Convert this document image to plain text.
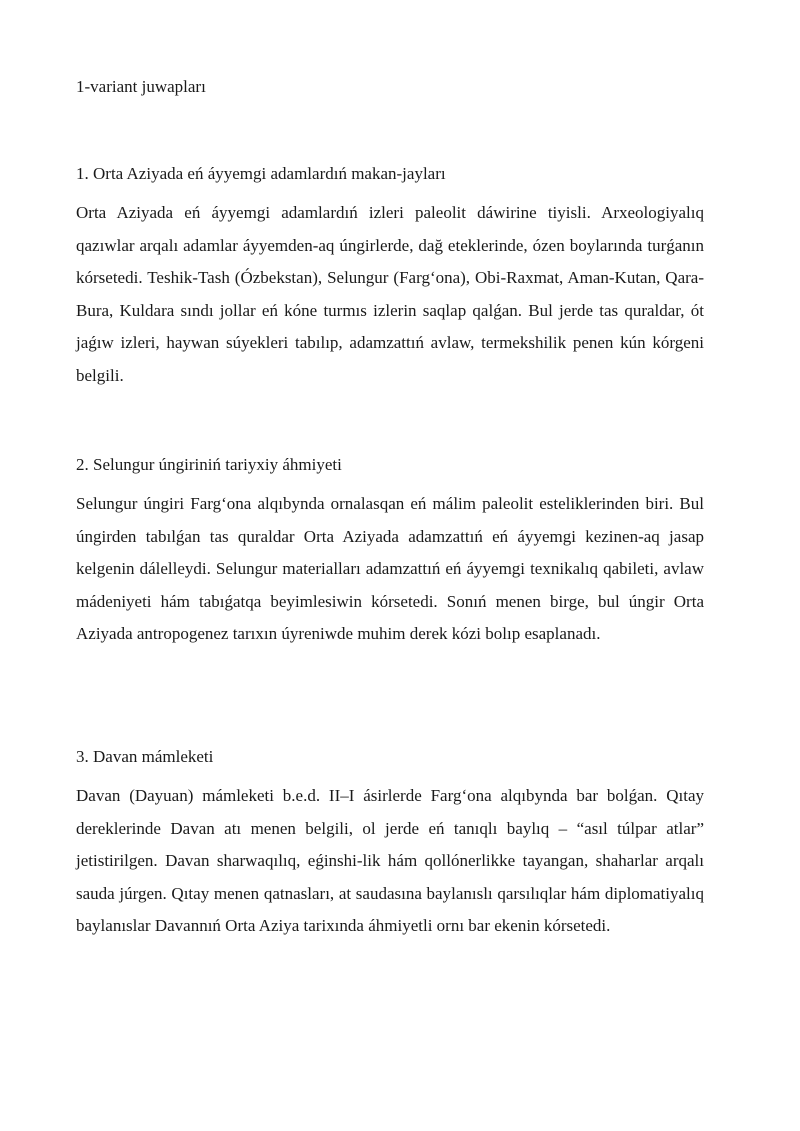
1-variant juwapları
1. Orta Aziyada eń áyyemgi adamlardıń makan-jayları

Orta Aziyada eń áyyemgi adamlardıń izleri paleolit dáwirine tiyisli. Arxeologiyalıq qazıwlar arqalı adamlar áyyemden-aq úngirlerde, dağ eteklerinde, ózen boylarında turǵanın kórsetedi. Teshik-Tash (Ózbekstan), Selungur (Farg‘ona), Obi-Raxmat, Aman-Kutan, Qara-Bura, Kuldara sındı jollar eń kóne turmıs izlerin saqlap qalǵan. Bul jerde tas quraldar, ót jaǵıw izleri, haywan súyekleri tabılıp, adamzattıń avlaw, termekshilik penen kún kórgeni belgili.

2. Selungur úngiriniń tariyxiy áhmiyeti

Selungur úngiri Farg‘ona alqıbynda ornalasqan eń málim paleolit esteliklerinden biri. Bul úngirden tabılǵan tas quraldar Orta Aziyada adamzattıń eń áyyemgi kezinen-aq jasap kelgenin dálelleydi. Selungur materialları adamzattıń eń áyyemgi texnikalıq qabileti, avlaw mádeniyeti hám tabıǵatqa beyimlesiwin kórsetedi. Sonıń menen birge, bul úngir Orta Aziyada antropogenez tarıxın úyreniwde muhim derek kózi bolıp esaplanadı.

3. Davan mámleketi

Davan (Dayuan) mámleketi b.e.d. II–I ásirlerde Farg‘ona alqıbynda bar bolǵan. Qıtay dereklerinde Davan atı menen belgili, ol jerde eń tanıqlı baylıq – “asıl túlpar atlar” jetistirilgen. Davan sharwaqılıq, eǵinshi-lik hám qollónerlikke tayangan, shaharlar arqalı sauda júrgen. Qıtay menen qatnasları, at saudasına baylanıslı qarsılıqlar hám diplomatiyalıq baylanıslar Davannıń Orta Aziya tarixında áhmiyetli ornı bar ekenin kórsetedi.
